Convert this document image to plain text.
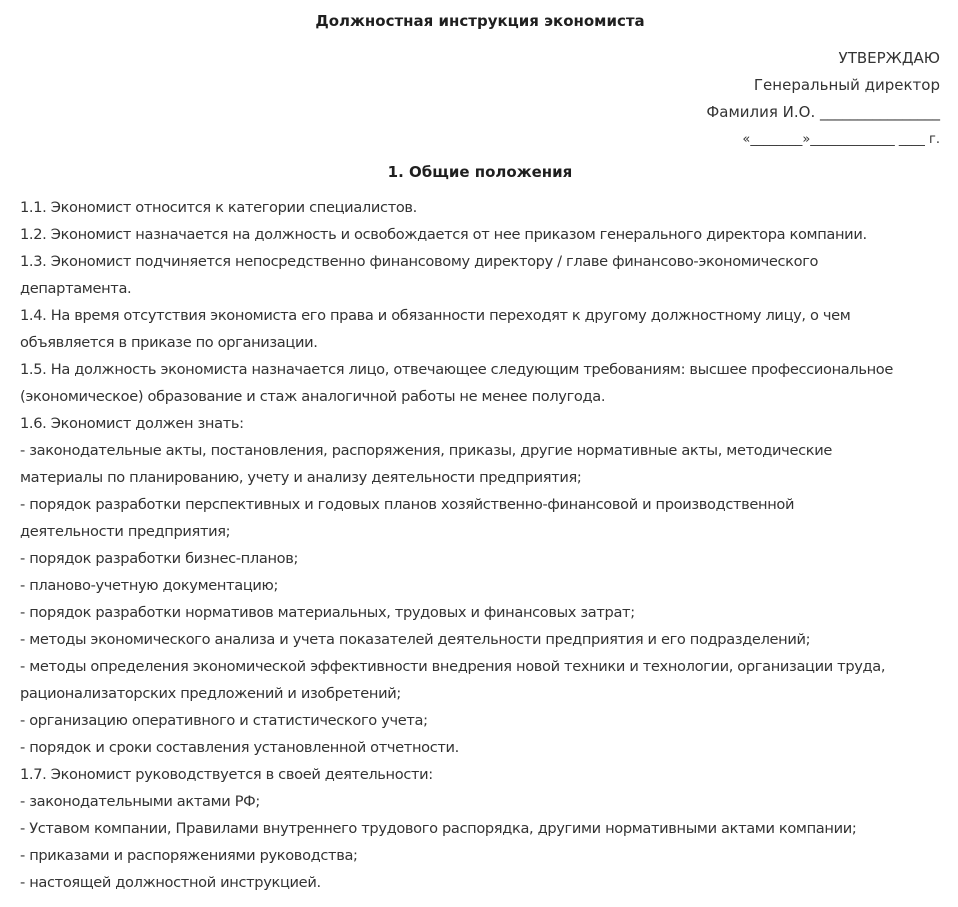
Должностная инструкция экономиста
УТВЕРЖДАЮ
Генеральный директор
Фамилия И.О. ________________
«________»_____________ ____ г.
1. Общие положения
1.1. Экономист относится к категории специалистов.
1.2. Экономист назначается на должность и освобождается от нее приказом генерального директора компании.
1.3. Экономист подчиняется непосредственно финансовому директору / главе финансово-экономического
департамента.
1.4. На время отсутствия экономиста его права и обязанности переходят к другому должностному лицу, о чем
объявляется в приказе по организации.
1.5. На должность экономиста назначается лицо, отвечающее следующим требованиям: высшее профессиональное
(экономическое) образование и стаж аналогичной работы не менее полугода.
1.6. Экономист должен знать:
- законодательные акты, постановления, распоряжения, приказы, другие нормативные акты, методические
материалы по планированию, учету и анализу деятельности предприятия;
- порядок разработки перспективных и годовых планов хозяйственно-финансовой и производственной
деятельности предприятия;
- порядок разработки бизнес-планов;
- планово-учетную документацию;
- порядок разработки нормативов материальных, трудовых и финансовых затрат;
- методы экономического анализа и учета показателей деятельности предприятия и его подразделений;
- методы определения экономической эффективности внедрения новой техники и технологии, организации труда,
рационализаторских предложений и изобретений;
- организацию оперативного и статистического учета;
- порядок и сроки составления установленной отчетности.
1.7. Экономист руководствуется в своей деятельности:
- законодательными актами РФ;
- Уставом компании, Правилами внутреннего трудового распорядка, другими нормативными актами компании;
- приказами и распоряжениями руководства;
- настоящей должностной инструкцией.
